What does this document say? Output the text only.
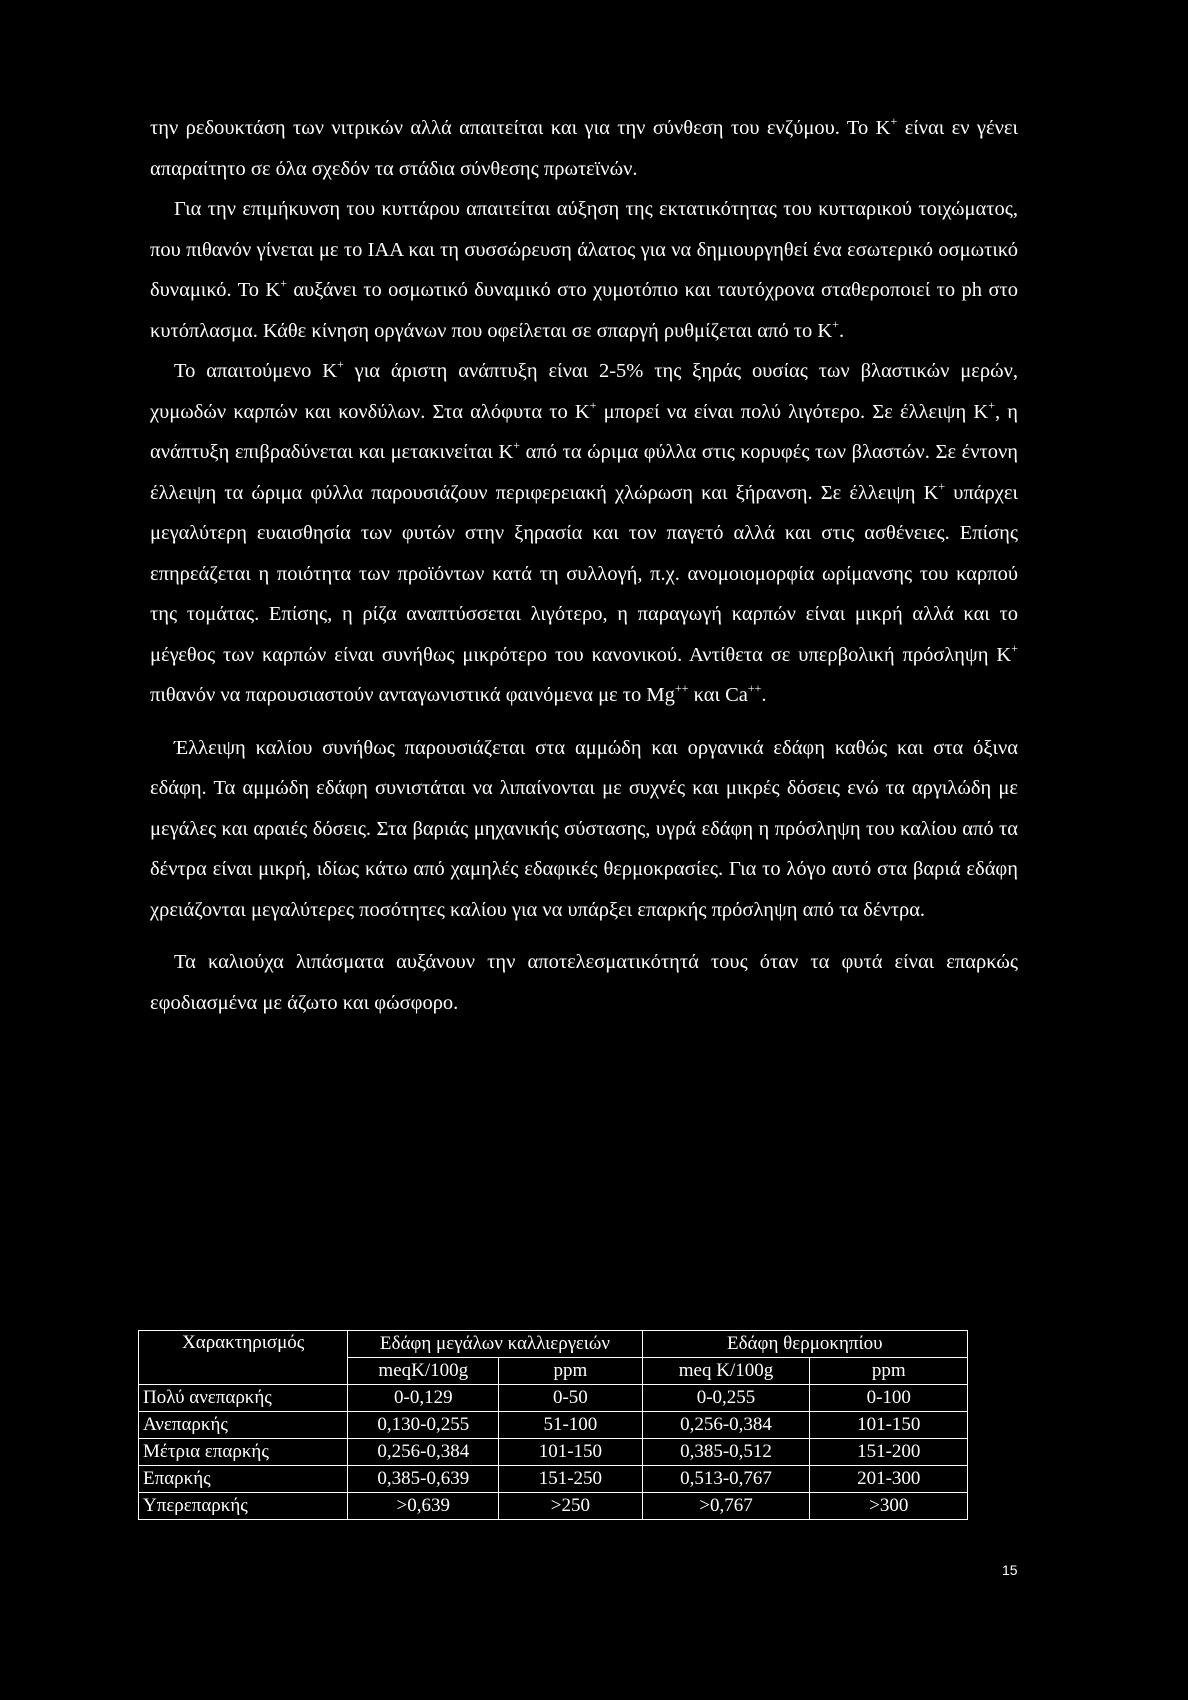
την ρεδουκτάση των νιτρικών αλλά απαιτείται και για την σύνθεση του ενζύμου. Το Κ+ είναι εν γένει απαραίτητο σε όλα σχεδόν τα στάδια σύνθεσης πρωτεϊνών.

Για την επιμήκυνση του κυττάρου απαιτείται αύξηση της εκτατικότητας του κυτταρικού τοιχώματος, που πιθανόν γίνεται με το ΙΑΑ και τη συσσώρευση άλατος για να δημιουργηθεί ένα εσωτερικό οσμωτικό δυναμικό. Το Κ+ αυξάνει το οσμωτικό δυναμικό στο χυμοτόπιο και ταυτόχρονα σταθεροποιεί το ph στο κυτόπλασμα. Κάθε κίνηση οργάνων που οφείλεται σε σπαργή ρυθμίζεται από το Κ+.

Το απαιτούμενο Κ+ για άριστη ανάπτυξη είναι 2-5% της ξηράς ουσίας των βλαστικών μερών, χυμωδών καρπών και κονδύλων. Στα αλόφυτα το Κ+ μπορεί να είναι πολύ λιγότερο. Σε έλλειψη Κ+, η ανάπτυξη επιβραδύνεται και μετακινείται Κ+ από τα ώριμα φύλλα στις κορυφές των βλαστών. Σε έντονη έλλειψη τα ώριμα φύλλα παρουσιάζουν περιφερειακή χλώρωση και ξήρανση. Σε έλλειψη Κ+ υπάρχει μεγαλύτερη ευαισθησία των φυτών στην ξηρασία και τον παγετό αλλά και στις ασθένειες. Επίσης επηρεάζεται η ποιότητα των προϊόντων κατά τη συλλογή, π.χ. ανομοιομορφία ωρίμανσης του καρπού της τομάτας. Επίσης, η ρίζα αναπτύσσεται λιγότερο, η παραγωγή καρπών είναι μικρή αλλά και το μέγεθος των καρπών είναι συνήθως μικρότερο του κανονικού. Αντίθετα σε υπερβολική πρόσληψη Κ+ πιθανόν να παρουσιαστούν ανταγωνιστικά φαινόμενα με το Mg++ και Ca++.

Έλλειψη καλίου συνήθως παρουσιάζεται στα αμμώδη και οργανικά εδάφη καθώς και στα όξινα εδάφη. Τα αμμώδη εδάφη συνιστάται να λιπαίνονται με συχνές και μικρές δόσεις ενώ τα αργιλώδη με μεγάλες και αραιές δόσεις. Στα βαριάς μηχανικής σύστασης, υγρά εδάφη η πρόσληψη του καλίου από τα δέντρα είναι μικρή, ιδίως κάτω από χαμηλές εδαφικές θερμοκρασίες. Για το λόγο αυτό στα βαριά εδάφη χρειάζονται μεγαλύτερες ποσότητες καλίου για να υπάρξει επαρκής πρόσληψη από τα δέντρα.

Τα καλιούχα λιπάσματα αυξάνουν την αποτελεσματικότητά τους όταν τα φυτά είναι επαρκώς εφοδιασμένα με άζωτο και φώσφορο.

Χαρακτηρισμός	Εδάφη μεγάλων καλλιεργειών		Εδάφη θερμοκηπίου	
	meqK/100g	ppm	meq K/100g	ppm
Πολύ ανεπαρκής	0-0,129	0-50	0-0,255	0-100
Ανεπαρκής	0,130-0,255	51-100	0,256-0,384	101-150
Μέτρια επαρκής	0,256-0,384	101-150	0,385-0,512	151-200
Επαρκής	0,385-0,639	151-250	0,513-0,767	201-300
Υπερεπαρκής	>0,639	>250	>0,767	>300
15
